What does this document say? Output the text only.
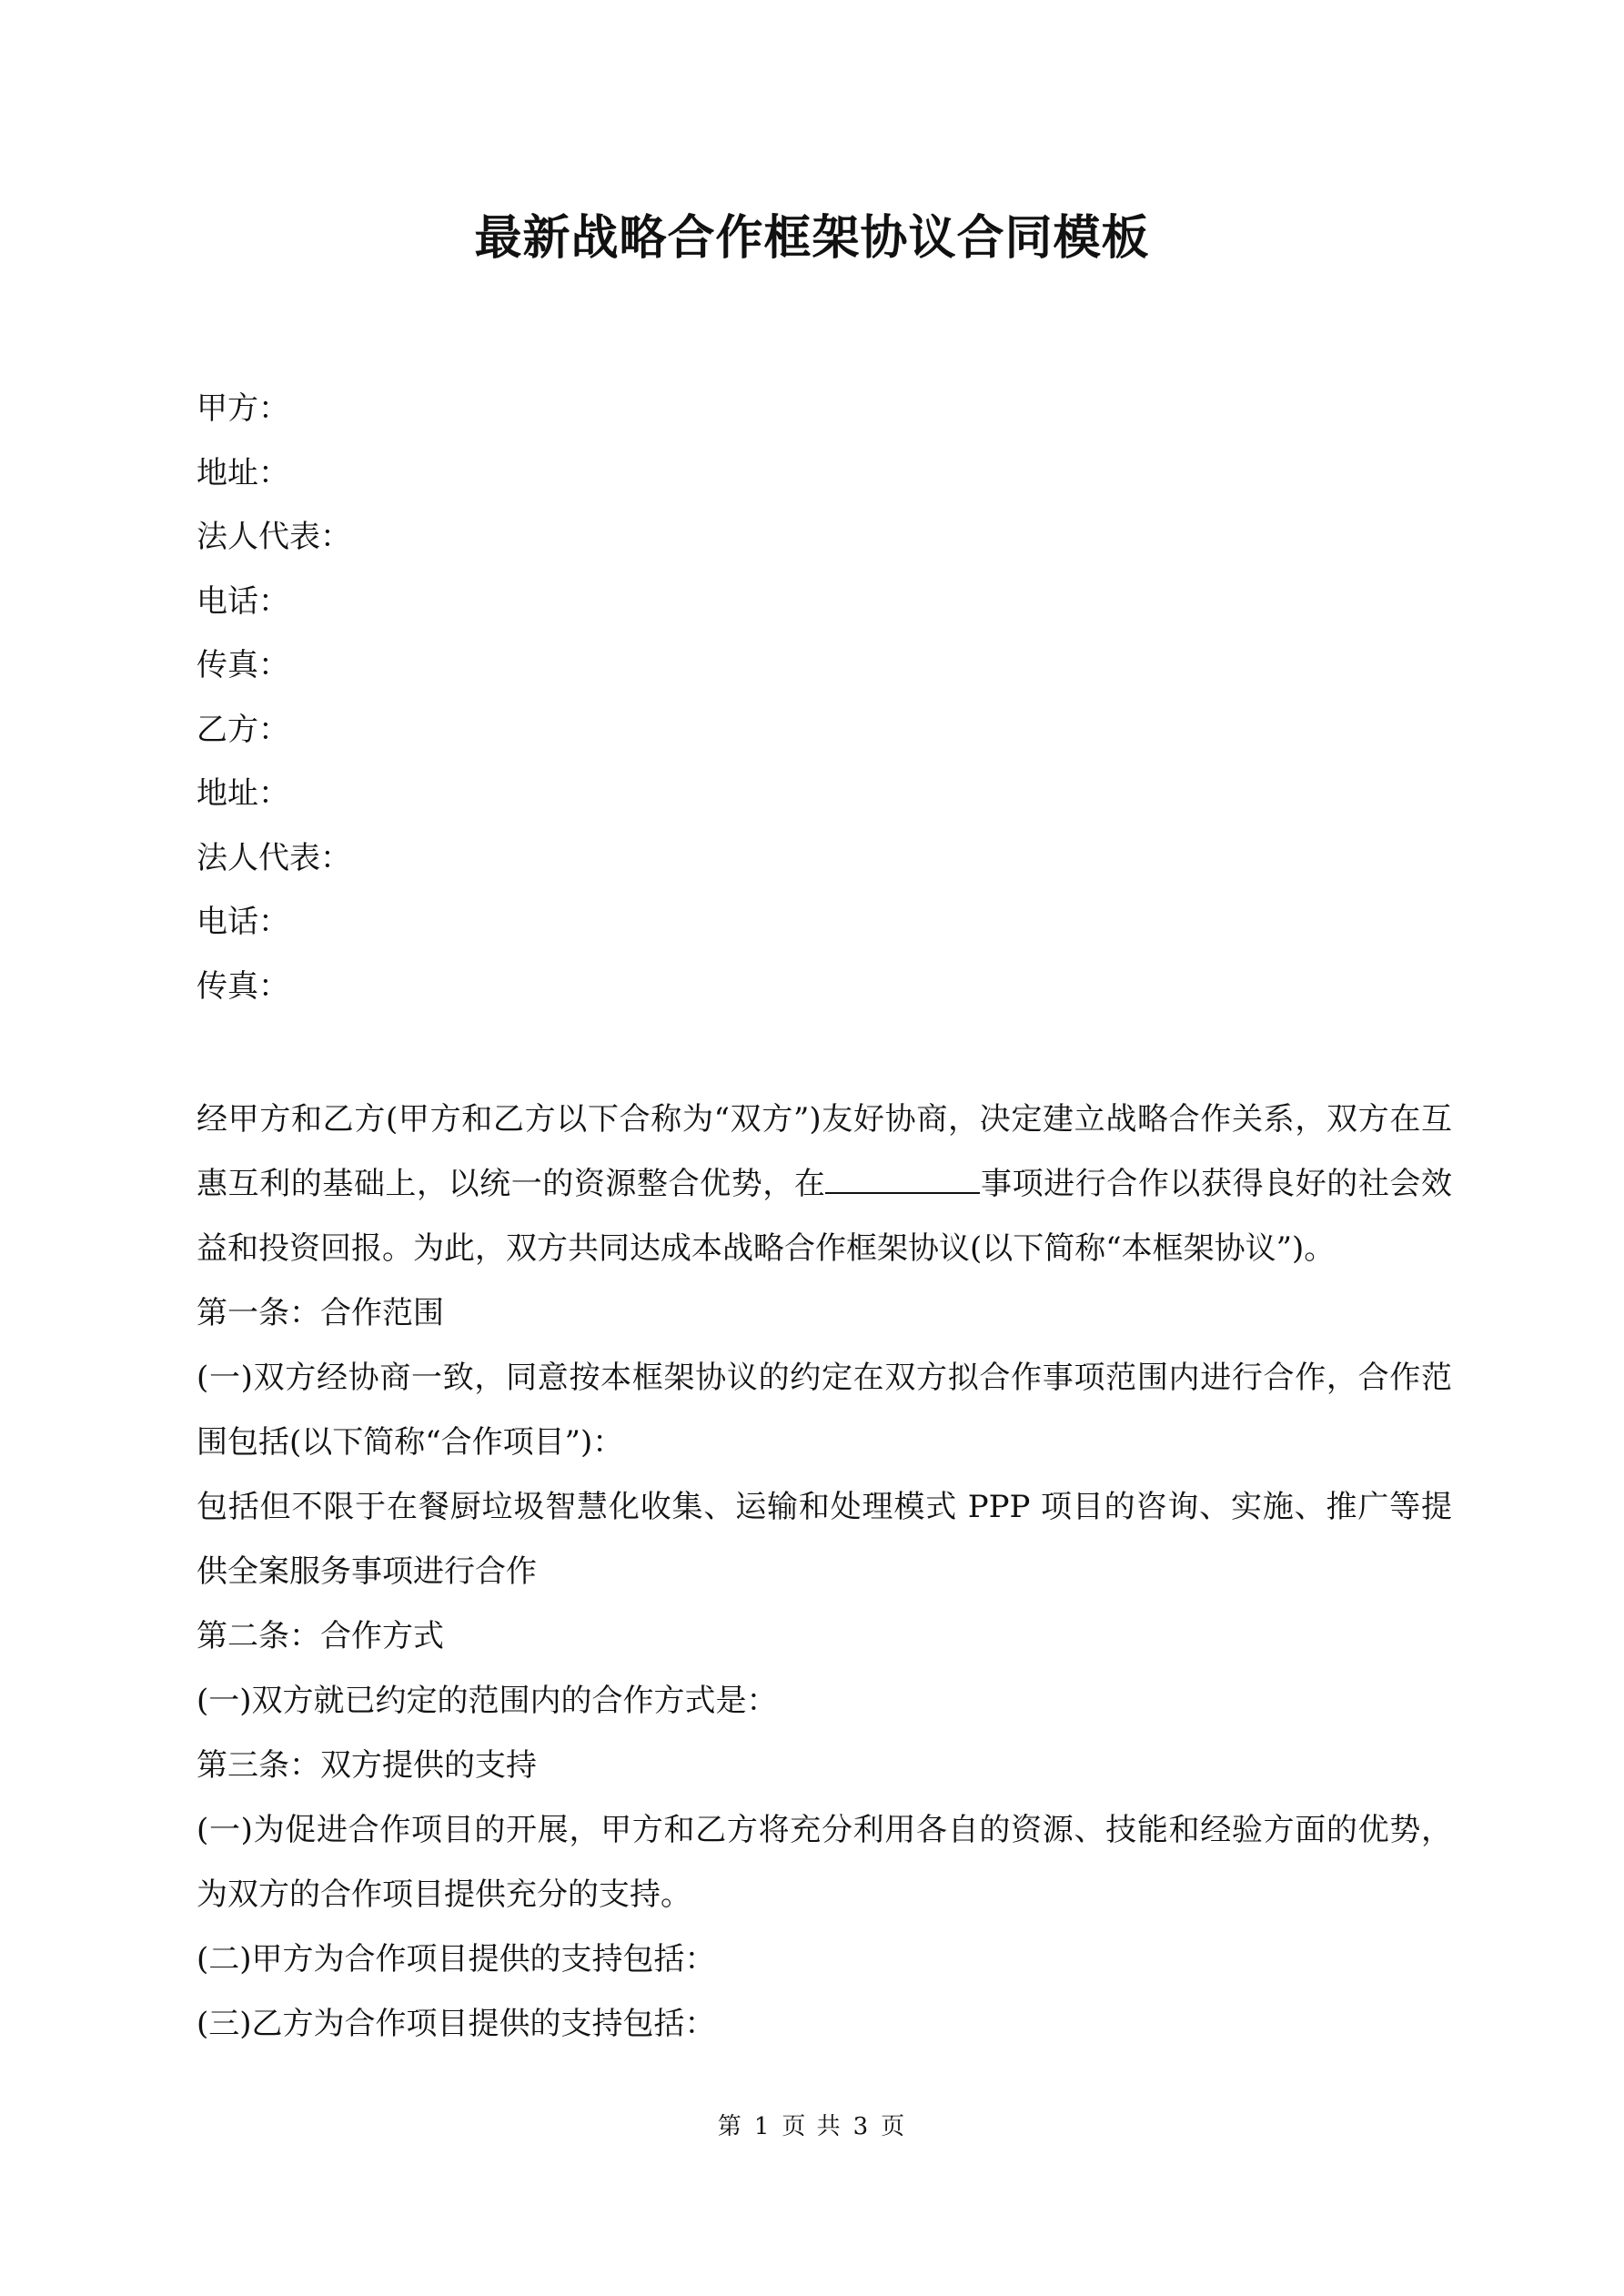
最新战略合作框架协议合同模板
甲方：
地址：
法人代表：
电话：
传真：
乙方：
地址：
法人代表：
电话：
传真：

经甲方和乙方(甲方和乙方以下合称为“双方”)友好协商，决定建立战略合作关系，双方在互惠互利的基础上，以统一的资源整合优势，在	事项进行合作以获得良好的社会效益和投资回报。为此，双方共同达成本战略合作框架协议(以下简称“本框架协议”)。

第一条：合作范围

(一)双方经协商一致，同意按本框架协议的约定在双方拟合作事项范围内进行合作，合作范围包括(以下简称“合作项目”)：

包括但不限于在餐厨垃圾智慧化收集、运输和处理模式 PPP 项目的咨询、实施、推广等提供全案服务事项进行合作

第二条：合作方式

(一)双方就已约定的范围内的合作方式是：

第三条：双方提供的支持

(一)为促进合作项目的开展，甲方和乙方将充分利用各自的资源、技能和经验方面的优势，为双方的合作项目提供充分的支持。

(二)甲方为合作项目提供的支持包括：

(三)乙方为合作项目提供的支持包括：

第 1 页 共 3 页
